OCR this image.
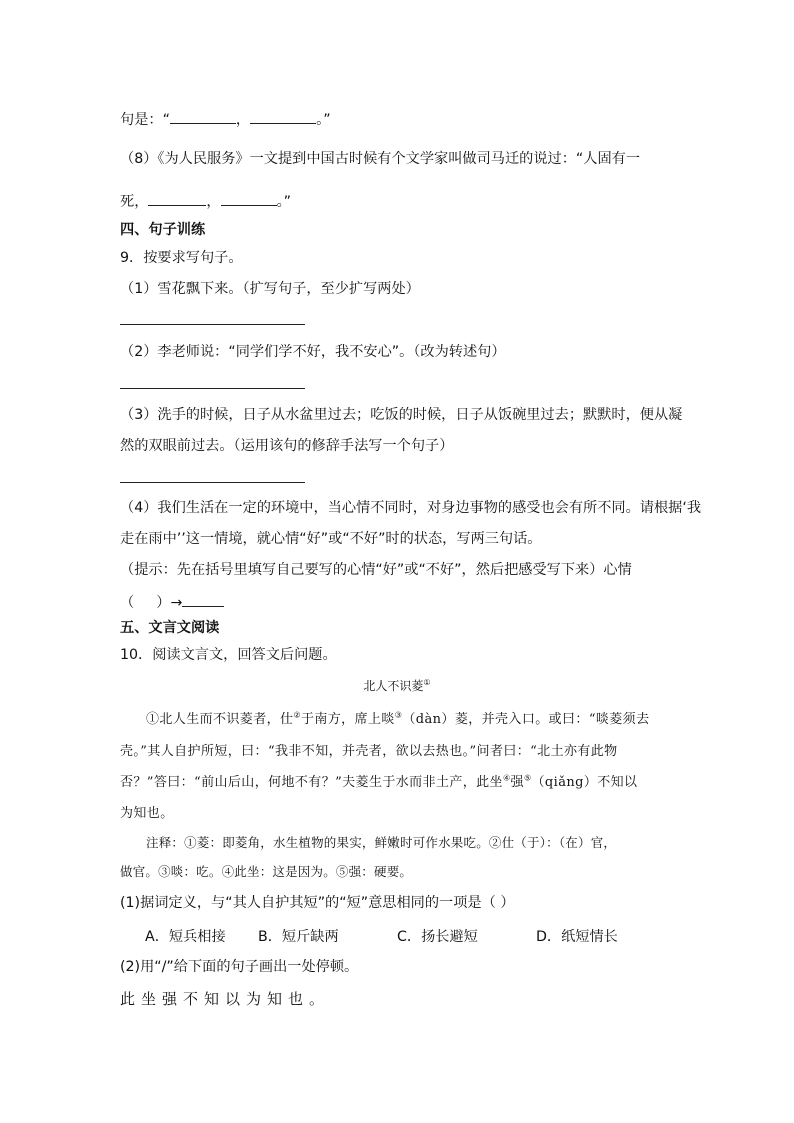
句是：“	，	。”
（8）《为人民服务》一文提到中国古时候有个文学家叫做司马迁的说过：“人固有一
死，	，	。”
四、句子训练
9．按要求写句子。
（1）雪花飘下来。（扩写句子，至少扩写两处）
（2）李老师说：“同学们学不好，我不安心”。（改为转述句）
（3）洗手的时候，日子从水盆里过去；吃饭的时候，日子从饭碗里过去；默默时，便从凝
然的双眼前过去。（运用该句的修辞手法写一个句子）
（4）我们生活在一定的环境中，当心情不同时，对身边事物的感受也会有所不同。请根据‘我
走在雨中’’这一情境，就心情“好”或“不好”时的状态，写两三句话。
（提示：先在括号里填写自己要写的心情“好”或“不好”，然后把感受写下来）心情
（ ）→
五、文言文阅读
10．阅读文言文，回答文后问题。
北人不识菱①
①北人生而不识菱者，仕②于南方，席上啖③（dàn）菱，并壳入口。或曰：“啖菱须去
壳。”其人自护所短，曰：“我非不知，并壳者，欲以去热也。”问者曰：“北土亦有此物
否？”答曰：“前山后山，何地不有？”夫菱生于水而非土产，此坐④强⑤（qiǎng）不知以
为知也。
注释：①菱：即菱角，水生植物的果实，鲜嫩时可作水果吃。②仕（于）：（在）官，
做官。③啖：吃。④此坐：这是因为。⑤强：硬要。
(1)据词定义，与“其人自护其短”的“短”意思相同的一项是（ ）
A．短兵相接 B．短斤缺两	C．扬长避短	D．纸短情长
(2)用“/”给下面的句子画出一处停顿。
此坐强不知以为知也。
